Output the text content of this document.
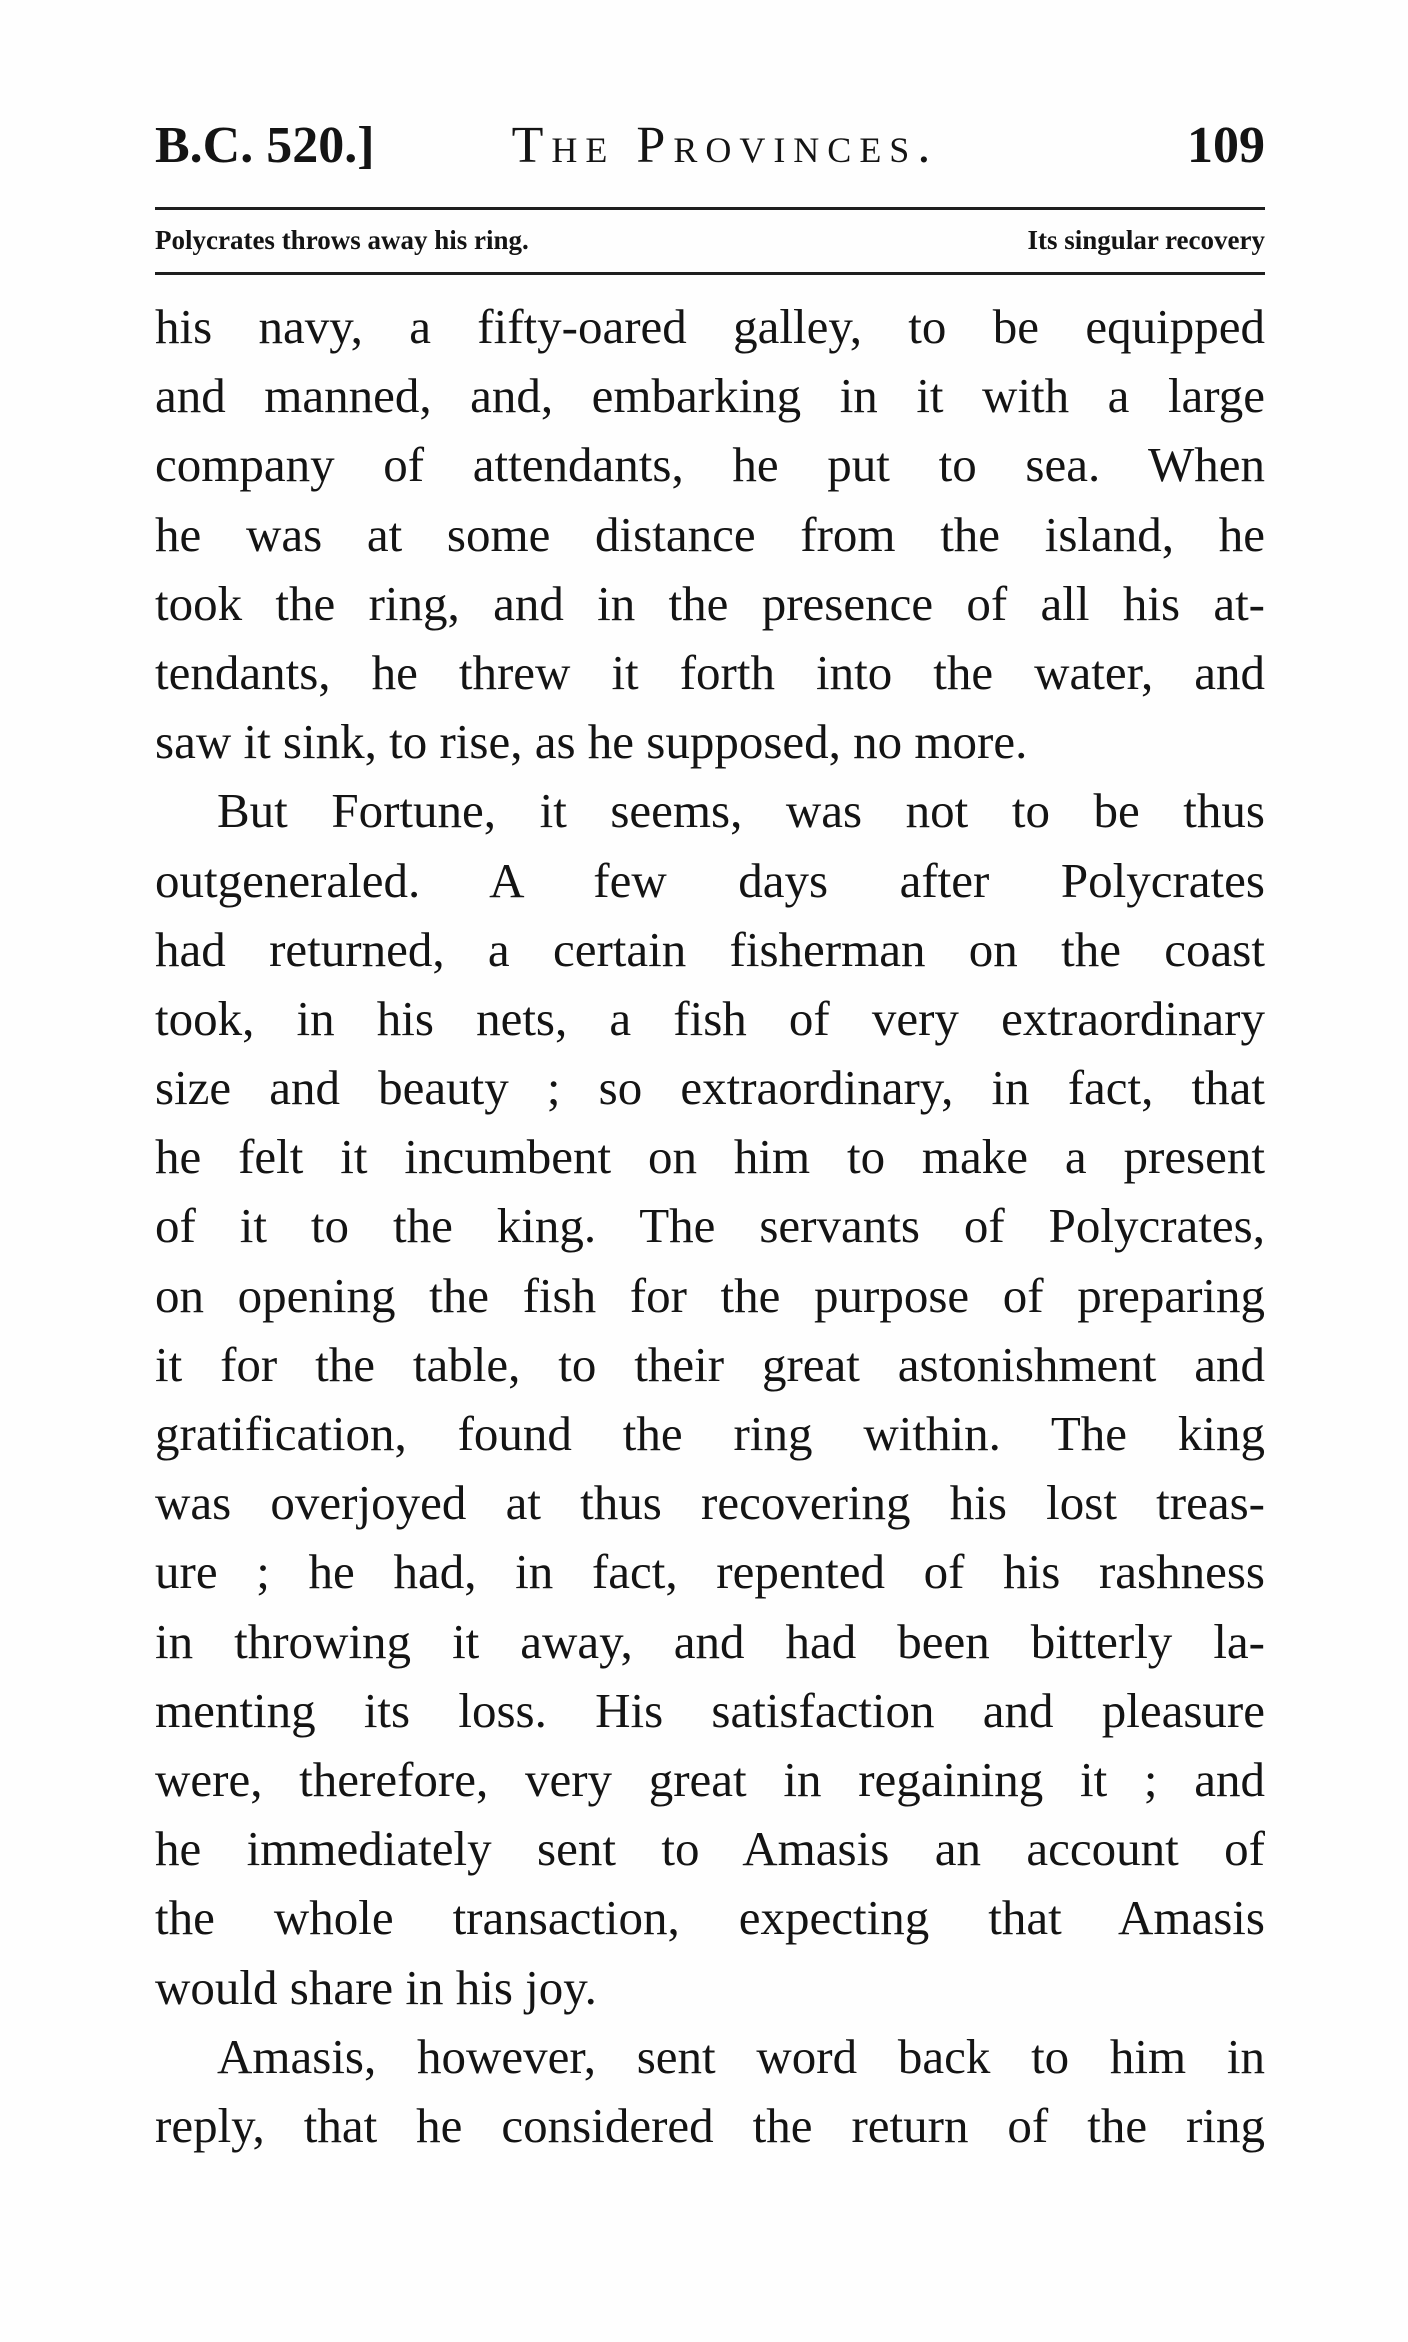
B.C. 520.]	The Provinces.	109
Polycrates throws away his ring.	Its singular recovery
his navy, a fifty-oared galley, to be equipped
and manned, and, embarking in it with a large
company of attendants, he put to sea. When
he was at some distance from the island, he
took the ring, and in the presence of all his at-
tendants, he threw it forth into the water, and
saw it sink, to rise, as he supposed, no more.
But Fortune, it seems, was not to be thus
outgeneraled. A few days after Polycrates
had returned, a certain fisherman on the coast
took, in his nets, a fish of very extraordinary
size and beauty ; so extraordinary, in fact, that
he felt it incumbent on him to make a present
of it to the king. The servants of Polycrates,
on opening the fish for the purpose of preparing
it for the table, to their great astonishment and
gratification, found the ring within. The king
was overjoyed at thus recovering his lost treas-
ure ; he had, in fact, repented of his rashness
in throwing it away, and had been bitterly la-
menting its loss. His satisfaction and pleasure
were, therefore, very great in regaining it ; and
he immediately sent to Amasis an account of
the whole transaction, expecting that Amasis
would share in his joy.
Amasis, however, sent word back to him in
reply, that he considered the return of the ring
